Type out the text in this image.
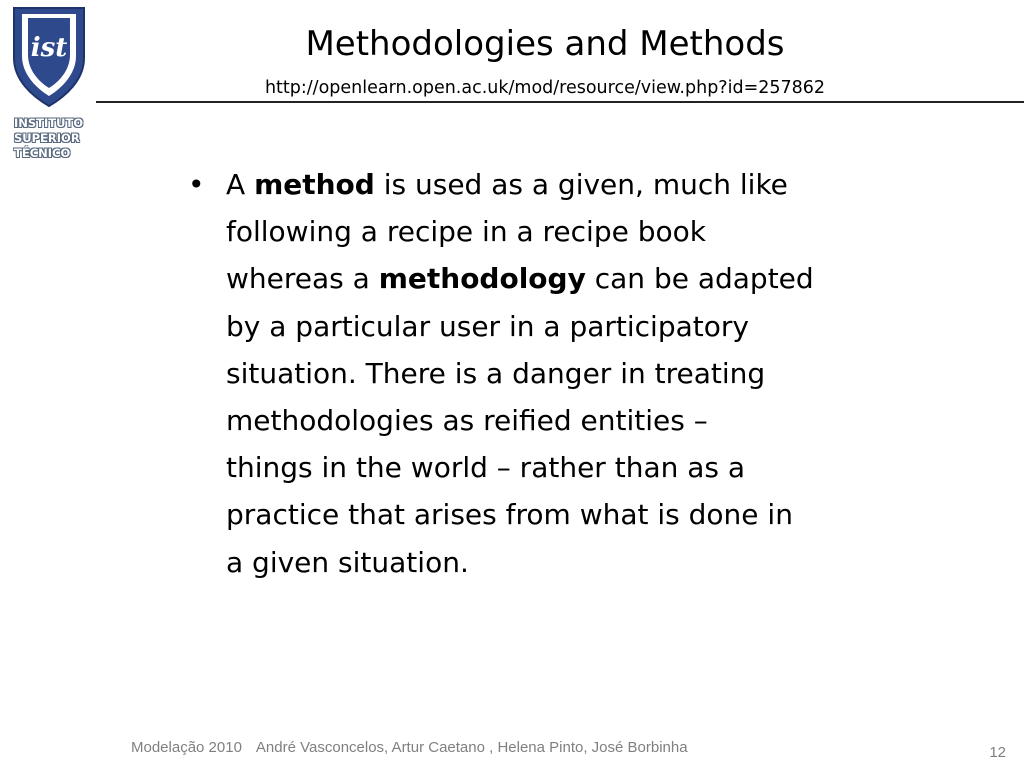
ist
INSTITUTO
SUPERIOR
TÉCNICO
Methodologies and Methods
http://openlearn.open.ac.uk/mod/resource/view.php?id=257862
• A method is used as a given, much like
following a recipe in a recipe book
whereas a methodology can be adapted
by a particular user in a participatory
situation. There is a danger in treating
methodologies as reified entities –
things in the world – rather than as a
practice that arises from what is done in
a given situation.
Modelação 2010 André Vasconcelos, Artur Caetano , Helena Pinto, José Borbinha	12
